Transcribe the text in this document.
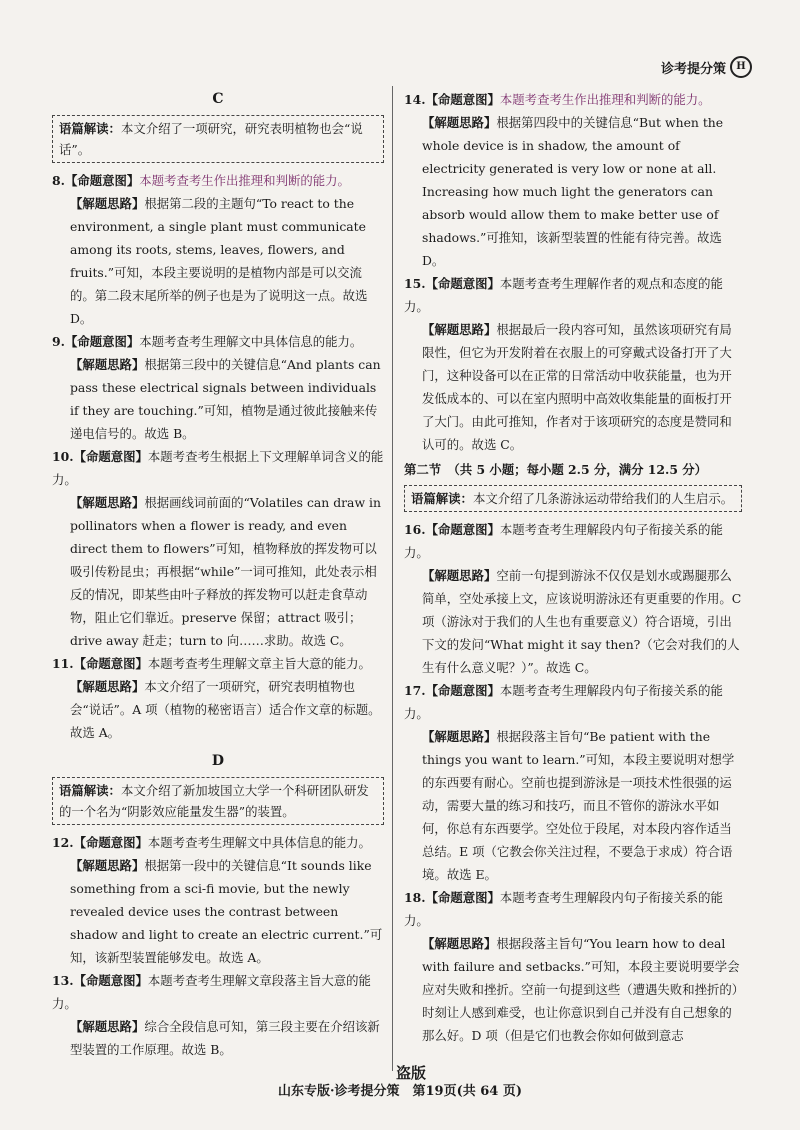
诊考提分策	H
C
语篇解读：本文介绍了一项研究，研究表明植物也会“说话”。
8.【命题意图】本题考查考生作出推理和判断的能力。
【解题思路】根据第二段的主题句“To react to the environment, a single plant must communicate among its roots, stems, leaves, flowers, and fruits.”可知，本段主要说明的是植物内部是可以交流的。第二段末尾所举的例子也是为了说明这一点。故选 D。
9.【命题意图】本题考查考生理解文中具体信息的能力。
【解题思路】根据第三段中的关键信息“And plants can pass these electrical signals between individuals if they are touching.”可知，植物是通过彼此接触来传递电信号的。故选 B。
10.【命题意图】本题考查考生根据上下文理解单词含义的能力。
【解题思路】根据画线词前面的“Volatiles can draw in pollinators when a flower is ready, and even direct them to flowers”可知，植物释放的挥发物可以吸引传粉昆虫；再根据“while”一词可推知，此处表示相反的情况，即某些由叶子释放的挥发物可以赶走食草动物，阻止它们靠近。preserve 保留；attract 吸引；drive away 赶走；turn to 向……求助。故选 C。
11.【命题意图】本题考查考生理解文章主旨大意的能力。
【解题思路】本文介绍了一项研究，研究表明植物也会“说话”。A 项（植物的秘密语言）适合作文章的标题。故选 A。
D
语篇解读：本文介绍了新加坡国立大学一个科研团队研发的一个名为“阴影效应能量发生器”的装置。
12.【命题意图】本题考查考生理解文中具体信息的能力。
【解题思路】根据第一段中的关键信息“It sounds like something from a sci-fi movie, but the newly revealed device uses the contrast between shadow and light to create an electric current.”可知，该新型装置能够发电。故选 A。
13.【命题意图】本题考查考生理解文章段落主旨大意的能力。
【解题思路】综合全段信息可知，第三段主要在介绍该新型装置的工作原理。故选 B。
14.【命题意图】本题考查考生作出推理和判断的能力。
【解题思路】根据第四段中的关键信息“But when the whole device is in shadow, the amount of electricity generated is very low or none at all. Increasing how much light the generators can absorb would allow them to make better use of shadows.”可推知，该新型装置的性能有待完善。故选 D。
15.【命题意图】本题考查考生理解作者的观点和态度的能力。
【解题思路】根据最后一段内容可知，虽然该项研究有局限性，但它为开发附着在衣服上的可穿戴式设备打开了大门，这种设备可以在正常的日常活动中收获能量，也为开发低成本的、可以在室内照明中高效收集能量的面板打开了大门。由此可推知，作者对于该项研究的态度是赞同和认可的。故选 C。
第二节　（共 5 小题；每小题 2.5 分，满分 12.5 分）
语篇解读：本文介绍了几条游泳运动带给我们的人生启示。
16.【命题意图】本题考查考生理解段内句子衔接关系的能力。
【解题思路】空前一句提到游泳不仅仅是划水或踢腿那么简单，空处承接上文，应该说明游泳还有更重要的作用。C 项（游泳对于我们的人生也有重要意义）符合语境，引出下文的发问“What might it say then?（它会对我们的人生有什么意义呢？）”。故选 C。
17.【命题意图】本题考查考生理解段内句子衔接关系的能力。
【解题思路】根据段落主旨句“Be patient with the things you want to learn.”可知，本段主要说明对想学的东西要有耐心。空前也提到游泳是一项技术性很强的运动，需要大量的练习和技巧，而且不管你的游泳水平如何，你总有东西要学。空处位于段尾，对本段内容作适当总结。E 项（它教会你关注过程，不要急于求成）符合语境。故选 E。
18.【命题意图】本题考查考生理解段内句子衔接关系的能力。
【解题思路】根据段落主旨句“You learn how to deal with failure and setbacks.”可知，本段主要说明要学会应对失败和挫折。空前一句提到这些（遭遇失败和挫折的）时刻让人感到难受，也让你意识到自己并没有自己想象的那么好。D 项（但是它们也教会你如何做到意志
盗版
山东专版·诊考提分策　第19页(共 64 页)
